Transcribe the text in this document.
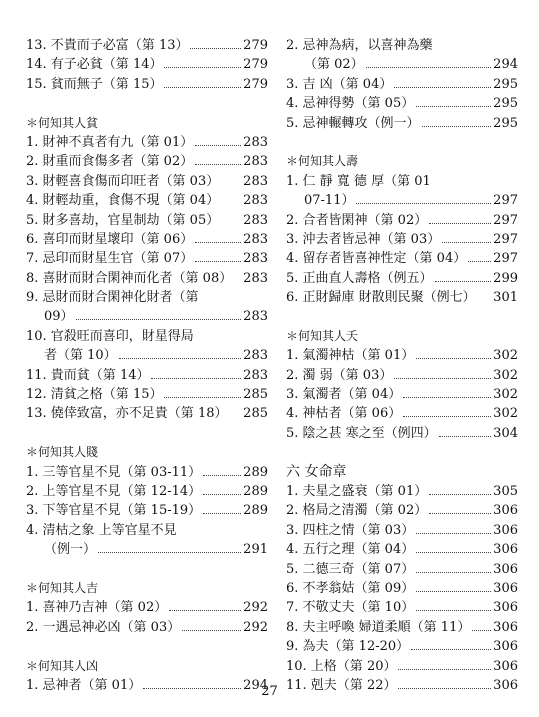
13. 不貴而子必富（第 13）	279
14. 有子必貧（第 14）	279
15. 貧而無子（第 15）	279
＊何知其人貧
1. 財神不真者有九（第 01）	283
2. 財重而食傷多者（第 02）	283
3. 財輕喜食傷而印旺者（第 03） 283
4. 財輕劫重，食傷不現（第 04） 283
5. 財多喜劫，官星制劫（第 05） 283
6. 喜印而財星壞印（第 06）	283
7. 忌印而財星生官（第 07）	283
8. 喜財而財合閑神而化者（第 08） 283
9. 忌財而財合閑神化財者（第
09）	283
10. 官殺旺而喜印，財星得局
者（第 10）	283
11. 貴而貧（第 14）	283
12. 清貧之格（第 15）	285
13. 僥倖致富，亦不足貴（第 18） 285
＊何知其人賤
1. 三等官星不見（第 03-11）	289
2. 上等官星不見（第 12-14）	289
3. 下等官星不見（第 15-19）	289
4. 清枯之象 上等官星不見
（例一）	291
＊何知其人吉
1. 喜神乃吉神（第 02）	292
2. 一遇忌神必凶（第 03）	292
＊何知其人凶
1. 忌神者（第 01）	294
2. 忌神為病，以喜神為藥
（第 02）	294
3. 吉 凶（第 04）	295
4. 忌神得勢（第 05）	295
5. 忌神輾轉攻（例一）	295
＊何知其人壽
1. 仁 靜 寬 德 厚（第 01
07-11）	297
2. 合者皆閑神（第 02）	297
3. 沖去者皆忌神（第 03）	297
4. 留存者皆喜神性定（第 04） 297
5. 正曲直人壽格（例五）	299
6. 正財歸庫 財散則民聚（例七） 301
＊何知其人夭
1. 氣濁神枯（第 01）	302
2. 濁 弱（第 03）	302
3. 氣濁者（第 04）	302
4. 神枯者（第 06）	302
5. 陰之甚 寒之至（例四）	304
六 女命章
1. 夫星之盛衰（第 01）	305
2. 格局之清濁（第 02）	306
3. 四柱之情（第 03）	306
4. 五行之理（第 04）	306
5. 二德三奇（第 07）	306
6. 不孝翁姑（第 09）	306
7. 不敬丈夫（第 10）	306
8. 夫主呼喚 婦道柔順（第 11） 306
9. 為夫（第 12-20）	306
10. 上格（第 20）	306
11. 剋夫（第 22）	306
27
